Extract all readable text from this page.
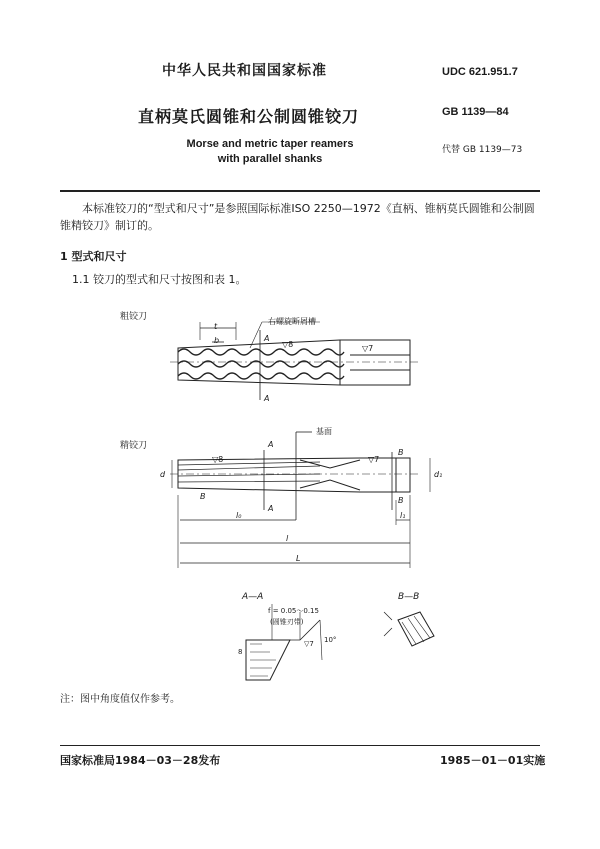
中华人民共和国国家标准	UDC 621.951.7
直柄莫氏圆锥和公制圆锥铰刀	GB 1139—84
Morse and metric taper reamers
with parallel shanks
代替 GB 1139—73
本标准铰刀的“型式和尺寸”是参照国际标准ISO 2250—1972《直柄、锥柄莫氏圆锥和公制圆锥精铰刀》制订的。
1 型式和尺寸
1.1 铰刀的型式和尺寸按图和表 1。
粗铰刀	右螺旋断屑槽
t
b	A
A
▽8	▽7
精铰刀
基面
A
A
B
B
B
▽8	▽7
d	d₁
l₀
l
L
l₁
A—A
f = 0.05～0.15
(圆锥刃带)
10°
8
▽7
B—B
注：图中角度值仅作参考。
国家标准局1984－03－28发布	1985－01－01实施
